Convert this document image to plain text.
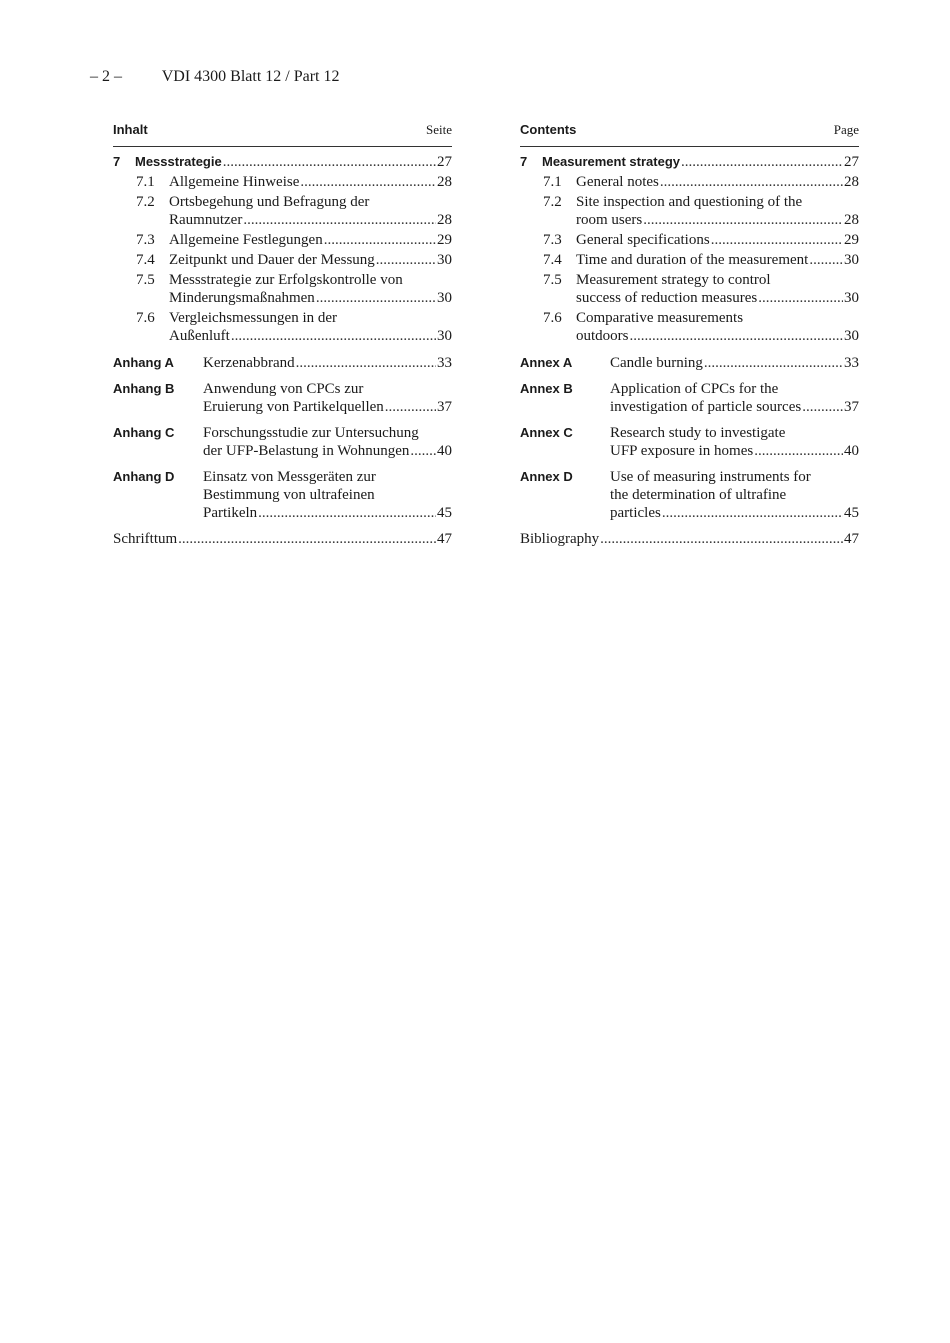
– 2 – VDI 4300 Blatt 12 / Part 12
Inhalt	Seite
7	Messstrategie .....	27
7.1 Allgemeine Hinweise .....	28
7.2 Ortsbegehung und Befragung der
Raumnutzer .....	28
7.3 Allgemeine Festlegungen .....	29
7.4 Zeitpunkt und Dauer der Messung .....	30
7.5 Messstrategie zur Erfolgskontrolle von
Minderungsmaßnahmen .....	30
7.6 Vergleichsmessungen in der
Außenluft .....	30
Anhang A	Kerzenabbrand .....	33
Anhang B	Anwendung von CPCs zur
Eruierung von Partikelquellen .....	37
Anhang C	Forschungsstudie zur Untersuchung
der UFP-Belastung in Wohnungen ..... 40
Anhang D	Einsatz von Messgeräten zur
Bestimmung von ultrafeinen
Partikeln .....	45
Schrifttum .....	47
Contents	Page
7	Measurement strategy .....	27
7.1 General notes .....	28
7.2 Site inspection and questioning of the
room users .....	28
7.3 General specifications .....	29
7.4 Time and duration of the measurement ..... 30
7.5 Measurement strategy to control
success of reduction measures .....	30
7.6 Comparative measurements
outdoors .....	30
Annex A	Candle burning .....	33
Annex B	Application of CPCs for the
investigation of particle sources .....	37
Annex C	Research study to investigate
UFP exposure in homes .....	40
Annex D	Use of measuring instruments for
the determination of ultrafine
particles .....	45
Bibliography .....	47
